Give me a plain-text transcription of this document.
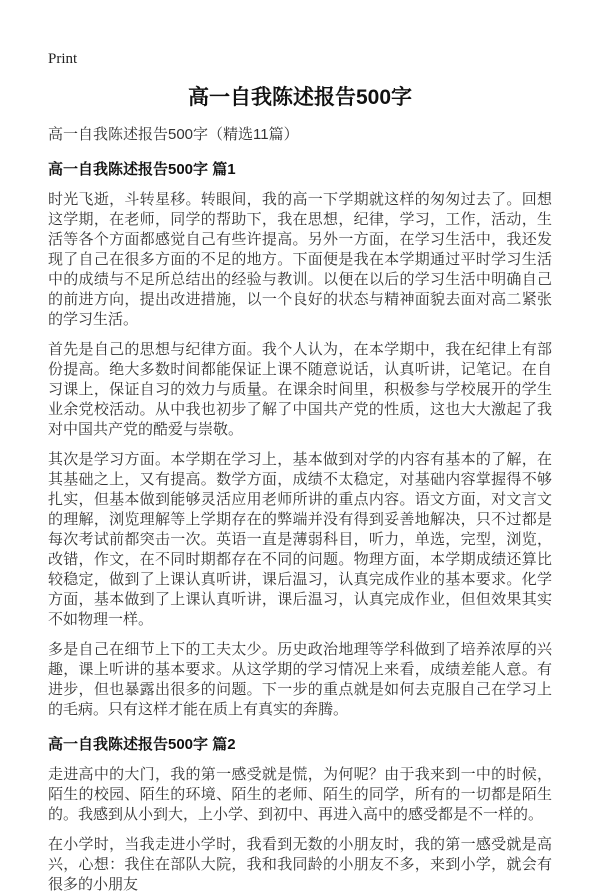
Print
高一自我陈述报告500字
高一自我陈述报告500字（精选11篇）
高一自我陈述报告500字 篇1

时光飞逝，斗转星移。转眼间，我的高一下学期就这样的匆匆过去了。回想这学期，在老师，同学的帮助下，我在思想，纪律，学习，工作，活动，生活等各个方面都感觉自己有些许提高。另外一方面，在学习生活中，我还发现了自己在很多方面的不足的地方。下面便是我在本学期通过平时学习生活中的成绩与不足所总结出的经验与教训。以便在以后的学习生活中明确自己的前进方向，提出改进措施，以一个良好的状态与精神面貌去面对高二紧张的学习生活。

首先是自己的思想与纪律方面。我个人认为，在本学期中，我在纪律上有部份提高。绝大多数时间都能保证上课不随意说话，认真听讲，记笔记。在自习课上，保证自习的效力与质量。在课余时间里，积极参与学校展开的学生业余党校活动。从中我也初步了解了中国共产党的性质，这也大大激起了我对中国共产党的酷爱与崇敬。

其次是学习方面。本学期在学习上，基本做到对学的内容有基本的了解，在其基础之上，又有提高。数学方面，成绩不太稳定，对基础内容掌握得不够扎实，但基本做到能够灵活应用老师所讲的重点内容。语文方面，对文言文的理解，浏览理解等上学期存在的弊端并没有得到妥善地解决，只不过都是每次考试前都突击一次。英语一直是薄弱科目，听力，单选，完型，浏览，改错，作文，在不同时期都存在不同的问题。物理方面，本学期成绩还算比较稳定，做到了上课认真听讲，课后温习，认真完成作业的基本要求。化学方面，基本做到了上课认真听讲，课后温习，认真完成作业，但但效果其实不如物理一样。

多是自己在细节上下的工夫太少。历史政治地理等学科做到了培养浓厚的兴趣，课上听讲的基本要求。从这学期的学习情况上来看，成绩差能人意。有进步，但也暴露出很多的问题。下一步的重点就是如何去克服自己在学习上的毛病。只有这样才能在质上有真实的奔腾。

高一自我陈述报告500字 篇2

走进高中的大门，我的第一感受就是慌，为何呢？由于我来到一中的时候，陌生的校园、陌生的环境、陌生的老师、陌生的同学，所有的一切都是陌生的。我感到从小到大，上小学、到初中、再进入高中的感受都是不一样的。

在小学时，当我走进小学时，我看到无数的小朋友时，我的第一感受就是高兴，心想：我住在部队大院，我和我同龄的小朋友不多，来到小学，就会有很多的小朋友
